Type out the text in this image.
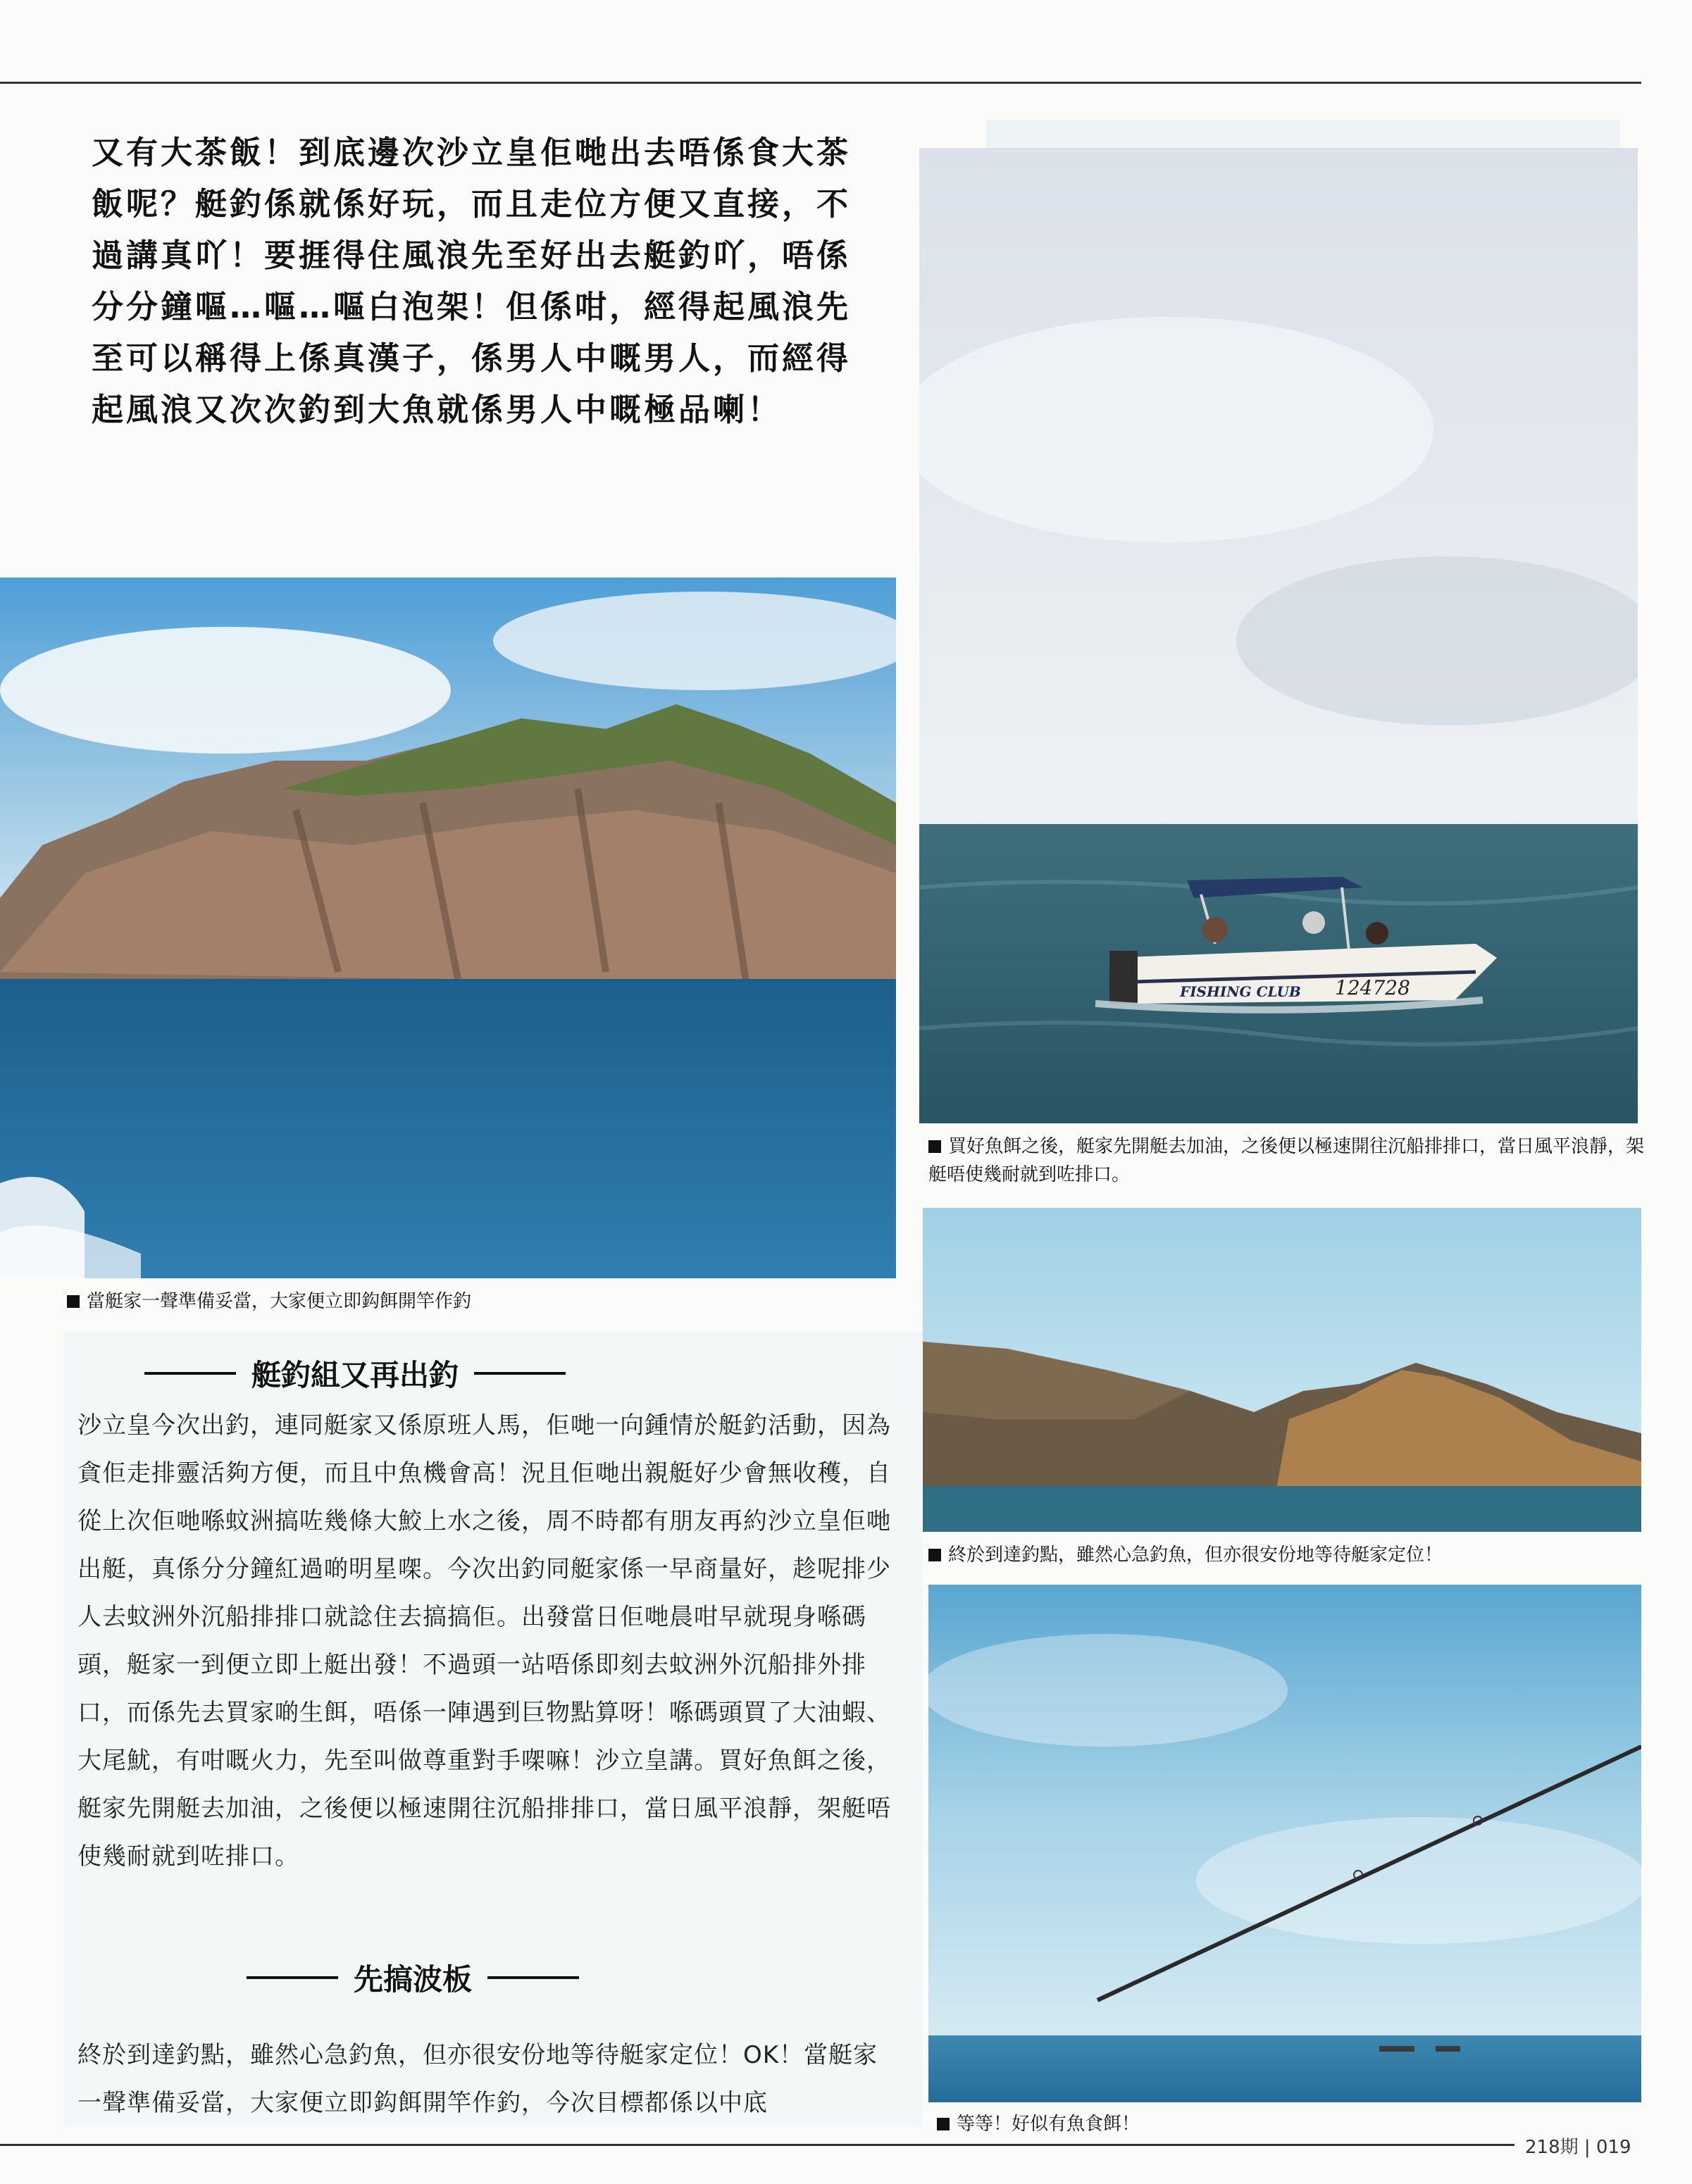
又有大茶飯！到底邊次沙立皇佢哋出去唔係食大茶飯呢？艇釣係就係好玩，而且走位方便又直接，不過講真吖！要捱得住風浪先至好出去艇釣吖，唔係分分鐘嘔…嘔…嘔白泡架！但係咁，經得起風浪先至可以稱得上係真漢子，係男人中嘅男人，而經得起風浪又次次釣到大魚就係男人中嘅極品喇！

當艇家一聲準備妥當，大家便立即鈎餌開竿作釣

艇釣組又再出釣

沙立皇今次出釣，連同艇家又係原班人馬，佢哋一向鍾情於艇釣活動，因為貪佢走排靈活夠方便，而且中魚機會高！況且佢哋出親艇好少會無收穫，自從上次佢哋喺蚊洲搞咗幾條大鮫上水之後，周不時都有朋友再約沙立皇佢哋出艇，真係分分鐘紅過啲明星㗎。今次出釣同艇家係一早商量好，趁呢排少人去蚊洲外沉船排排口就諗住去搞搞佢。出發當日佢哋晨咁早就現身喺碼頭，艇家一到便立即上艇出發！不過頭一站唔係即刻去蚊洲外沉船排外排口，而係先去買家啲生餌，唔係一陣遇到巨物點算呀！喺碼頭買了大油蝦、大尾魷，有咁嘅火力，先至叫做尊重對手㗎嘛！沙立皇講。買好魚餌之後，艇家先開艇去加油，之後便以極速開往沉船排排口，當日風平浪靜，架艇唔使幾耐就到咗排口。

先搞波板

終於到達釣點，雖然心急釣魚，但亦很安份地等待艇家定位！OK！當艇家一聲準備妥當，大家便立即鈎餌開竿作釣，今次目標都係以中底

FISHING CLUB 124728

買好魚餌之後，艇家先開艇去加油，之後便以極速開往沉船排排口，當日風平浪靜，架艇唔使幾耐就到咗排口。

終於到達釣點，雖然心急釣魚，但亦很安份地等待艇家定位！

等等！好似有魚食餌！

218期 | 019
